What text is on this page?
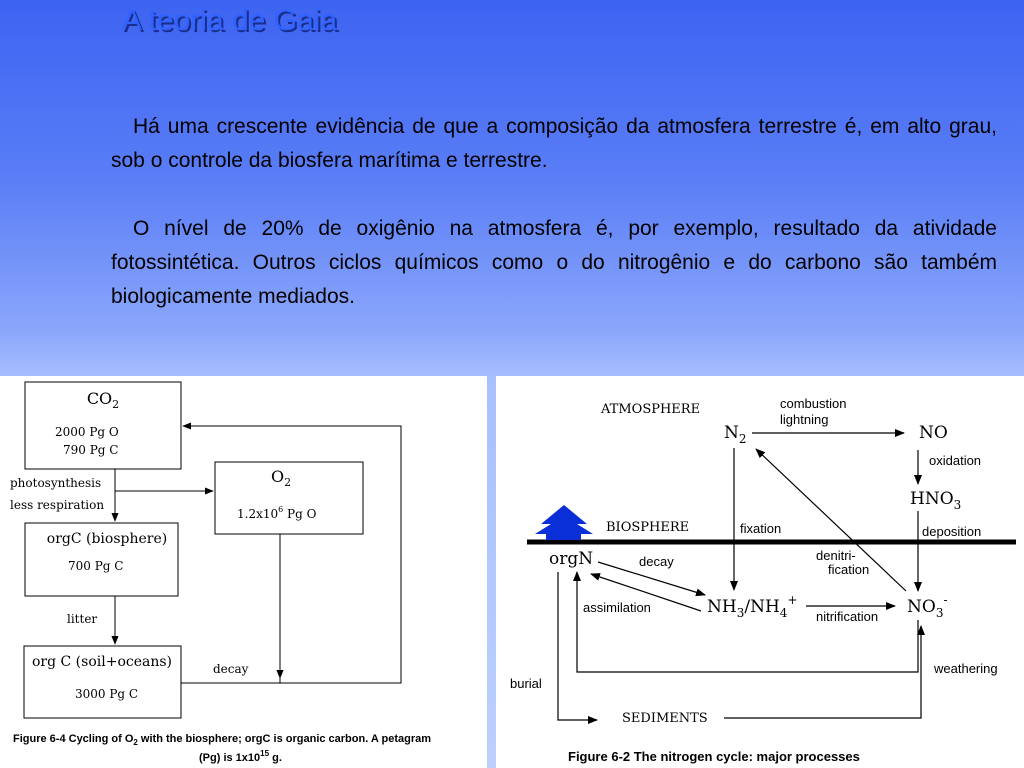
A teoria de Gaia

Há uma crescente evidência de que a composição da atmosfera terrestre é, em alto grau, sob o controle da biosfera marítima e terrestre.

O nível de 20% de oxigênio na atmosfera é, por exemplo, resultado da atividade fotossintética. Outros ciclos químicos como o do nitrogênio e do carbono são também biologicamente mediados.

$CO_2$
2000 Pg O
790 Pg C
$O_2$
$1.2x10^6$ Pg O
orgC (biosphere)
700 Pg C
org C (soil+oceans)
3000 Pg C
photosynthesis
less respiration
litter
decay
Figure 6-4 Cycling of $O_2$ with the biosphere; orgC is organic carbon. A petagram
(Pg) is $1x10^{15}$ g.
ATMOSPHERE
BIOSPHERE
SEDIMENTS
$N_2$	NO
$HNO_3$
orgN
$NH_3/NH_4^+$	$NO_3^-$
combustion
lightning
oxidation
deposition
fixation
denitri-
fication
decay
assimilation
nitrification
weathering
burial
Figure 6-2 The nitrogen cycle: major processes
